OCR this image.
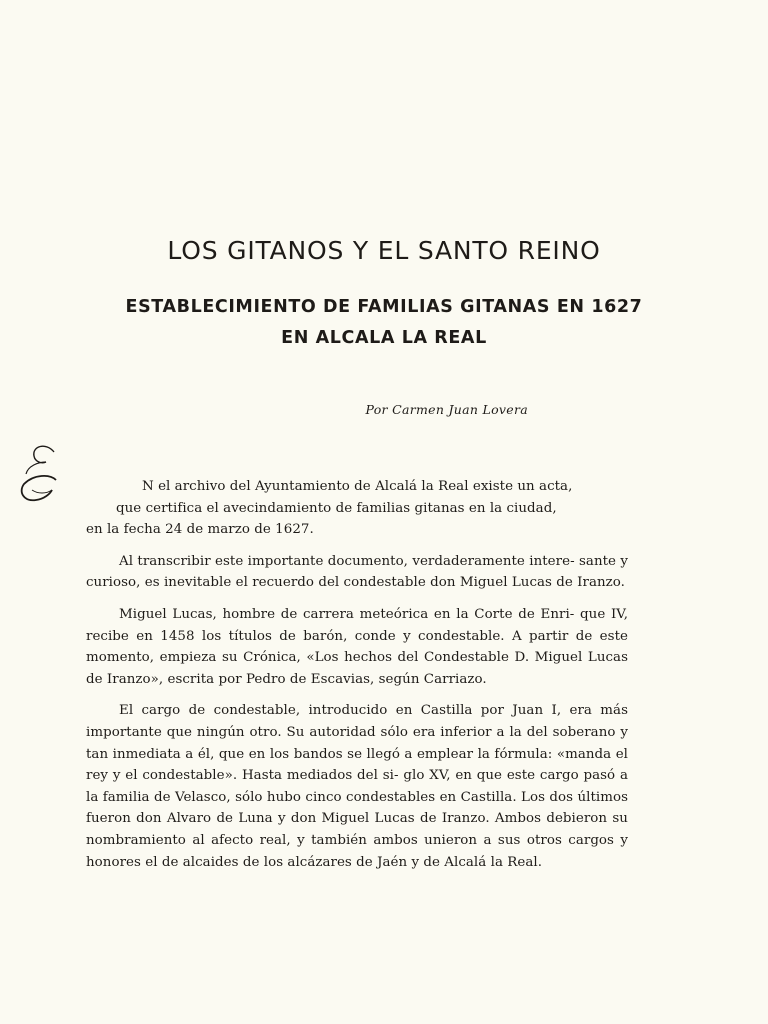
LOS GITANOS Y EL SANTO REINO
ESTABLECIMIENTO DE FAMILIAS GITANAS EN 1627
EN ALCALA LA REAL
Por Carmen Juan Lovera

N el archivo del Ayuntamiento de Alcalá la Real existe un acta,
que certifica el avecindamiento de familias gitanas en la ciudad,
en la fecha 24 de marzo de 1627.

Al transcribir este importante documento, verdaderamente intere- sante y curioso, es inevitable el recuerdo del condestable don Miguel Lucas de Iranzo.

Miguel Lucas, hombre de carrera meteórica en la Corte de Enri- que IV, recibe en 1458 los títulos de barón, conde y condestable. A partir de este momento, empieza su Crónica, «Los hechos del Condestable D. Miguel Lucas de Iranzo», escrita por Pedro de Escavias, según Carriazo.

El cargo de condestable, introducido en Castilla por Juan I, era más importante que ningún otro. Su autoridad sólo era inferior a la del soberano y tan inmediata a él, que en los bandos se llegó a emplear la fórmula: «manda el rey y el condestable». Hasta mediados del si- glo XV, en que este cargo pasó a la familia de Velasco, sólo hubo cinco condestables en Castilla. Los dos últimos fueron don Alvaro de Luna y don Miguel Lucas de Iranzo. Ambos debieron su nombramiento al afecto real, y también ambos unieron a sus otros cargos y honores el de alcaides de los alcázares de Jaén y de Alcalá la Real.
